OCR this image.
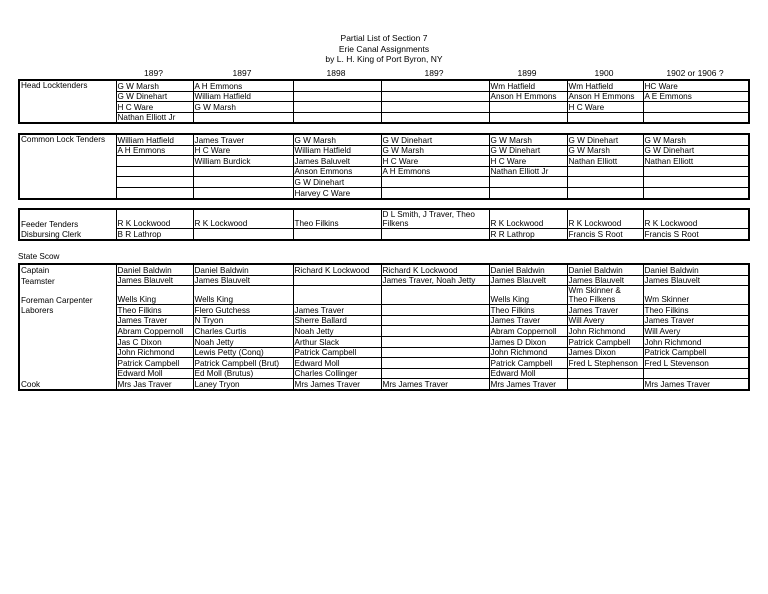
Partial List of Section 7
Erie Canal Assignments
by L. H. King of Port Byron, NY
189?	1897	1898	189?	1899	1900	1902 or 1906 ?
Head Locktenders	G W Marsh	A H Emmons			Wm Hatfield	Wm Hatfield	HC Ware
	G W Dinehart	William Hatfield			Anson H Emmons	Anson H Emmons	A E Emmons
	H C Ware	G W Marsh				H C Ware	
	Nathan Elliott Jr						
Common Lock Tenders	William Hatfield	James Traver	G W Marsh	G W Dinehart	G W Marsh	G W Dinehart	G W Marsh
	A H Emmons	H C Ware	William Hatfield	G W Marsh	G W Dinehart	G W Marsh	G W Dinehart
		William Burdick	James Baluvelt	H C Ware	H C Ware	Nathan Elliott	Nathan Elliott
			Anson Emmons	A H Emmons	Nathan Elliott Jr		
			G W Dinehart				
			Harvey C Ware				
Feeder Tenders	R K Lockwood	R K Lockwood	Theo Filkins	D L Smith, J Traver, Theo Filkens	R K Lockwood	R K Lockwood	R K Lockwood
Disbursing Clerk	B R Lathrop				R R Lathrop	Francis S Root	Francis S Root
State Scow
Captain	Daniel Baldwin	Daniel Baldwin	Richard K Lockwood	Richard K Lockwood	Daniel Baldwin	Daniel Baldwin	Daniel Baldwin
Teamster	James Blauvelt	James Blauvelt		James Traver, Noah Jetty	James Blauvelt	James Blauvelt	James Blauvelt
Foreman Carpenter	Wells King	Wells King			Wells King	Wm Skinner & Theo Filkens	Wm Skinner
Laborers	Theo Filkins	Flero Gutchess	James Traver		Theo Filkins	James Traver	Theo Filkins
	James Traver	N Tryon	Sherre Ballard		James Traver	Will Avery	James Traver
	Abram Coppernoll	Charles Curtis	Noah Jetty		Abram Coppernoll	John Richmond	Will Avery
	Jas C Dixon	Noah Jetty	Arthur Slack		James D Dixon	Patrick Campbell	John Richmond
	John Richmond	Lewis Petty (Conq)	Patrick Campbell		John Richmond	James Dixon	Patrick Campbell
	Patrick Campbell	Patrick Campbell (Brut)	Edward Moll		Patrick Campbell	Fred L Stephenson	Fred L Stevenson
	Edward Moll	Ed Moll (Brutus)	Charles Collinger		Edward Moll		
Cook	Mrs Jas Traver	Laney Tryon	Mrs James Traver	Mrs James Traver	Mrs James Traver		Mrs James Traver
